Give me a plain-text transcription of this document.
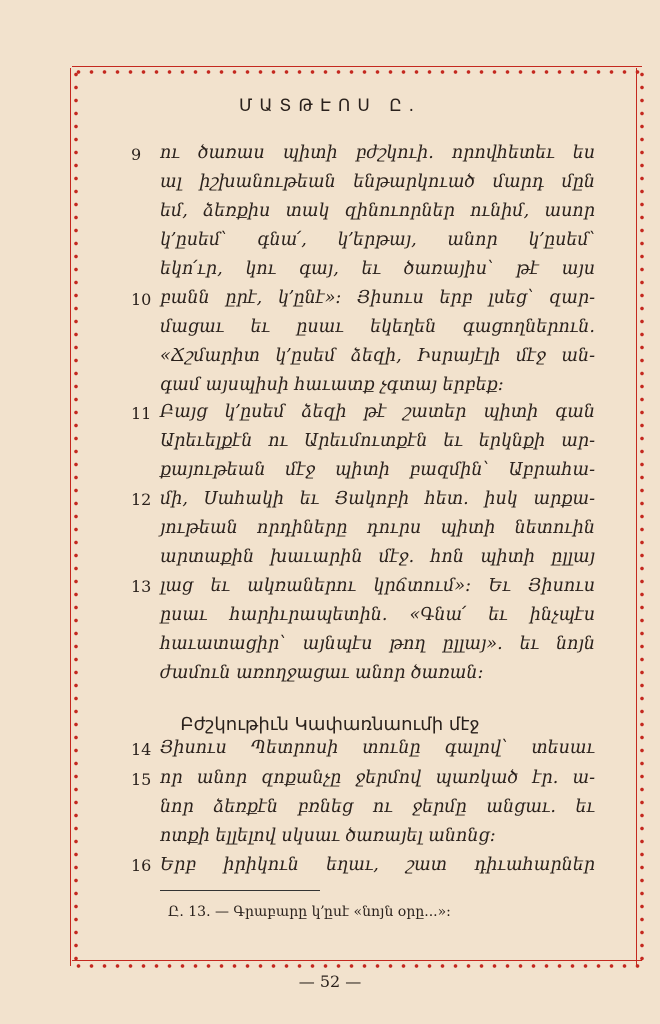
ՄԱՏԹԷՈՍ Ը.
9
10
11
12
13
14
15
16
ու ծառաս պիտի բժշկուի. որովհետեւ ես
ալ իշխանութեան ենթարկուած մարդ մըն
եմ, ձեռքիս տակ զինուորներ ունիմ, ասոր
կ՚ըսեմ՝ գնա՛, կ՚երթայ, անոր կ՚ըսեմ՝
եկո՛ւր, կու գայ, եւ ծառայիս՝ թէ այս
բանն ըրէ, կ՚ընէ»: Յիսուս երբ լսեց՝ զար-
մացաւ եւ ըսաւ եկեղեն գացողներուն.
«Ճշմարիտ կ՚ըսեմ ձեզի, Իսրայէլի մէջ ան-
գամ այսպիսի հաւատք չգտայ երբեք:
Բայց կ՚ըսեմ ձեզի թէ շատեր պիտի գան
Արեւելքէն ու Արեւմուտքէն եւ երկնքի ար-
քայութեան մէջ պիտի բազմին՝ Աբրահա-
մի, Սահակի եւ Յակոբի հետ. իսկ արքա-
յութեան որդիները դուրս պիտի նետուին
արտաքին խաւարին մէջ. հոն պիտի ըլլայ
լաց եւ ակռաներու կրճտում»: Եւ Յիսուս
ըսաւ հարիւրապետին. «Գնա՛ եւ ինչպէս
հաւատացիր՝ այնպէս թող ըլլայ». եւ նոյն
ժամուն առողջացաւ անոր ծառան:
Բժշկութիւն Կափառնաումի մէջ
Յիսուս Պետրոսի տունը գալով՝ տեսաւ
որ անոր զոքանչը ջերմով պառկած էր. ա-
նոր ձեռքէն բռնեց ու ջերմը անցաւ. եւ
ոտքի ելլելով սկսաւ ծառայել անոնց:
Երբ իրիկուն եղաւ, շատ դիւահարներ
Ը. 13. — Գրաբարը կ՚ըսէ «նոյն օրը...»:
— 52 —
